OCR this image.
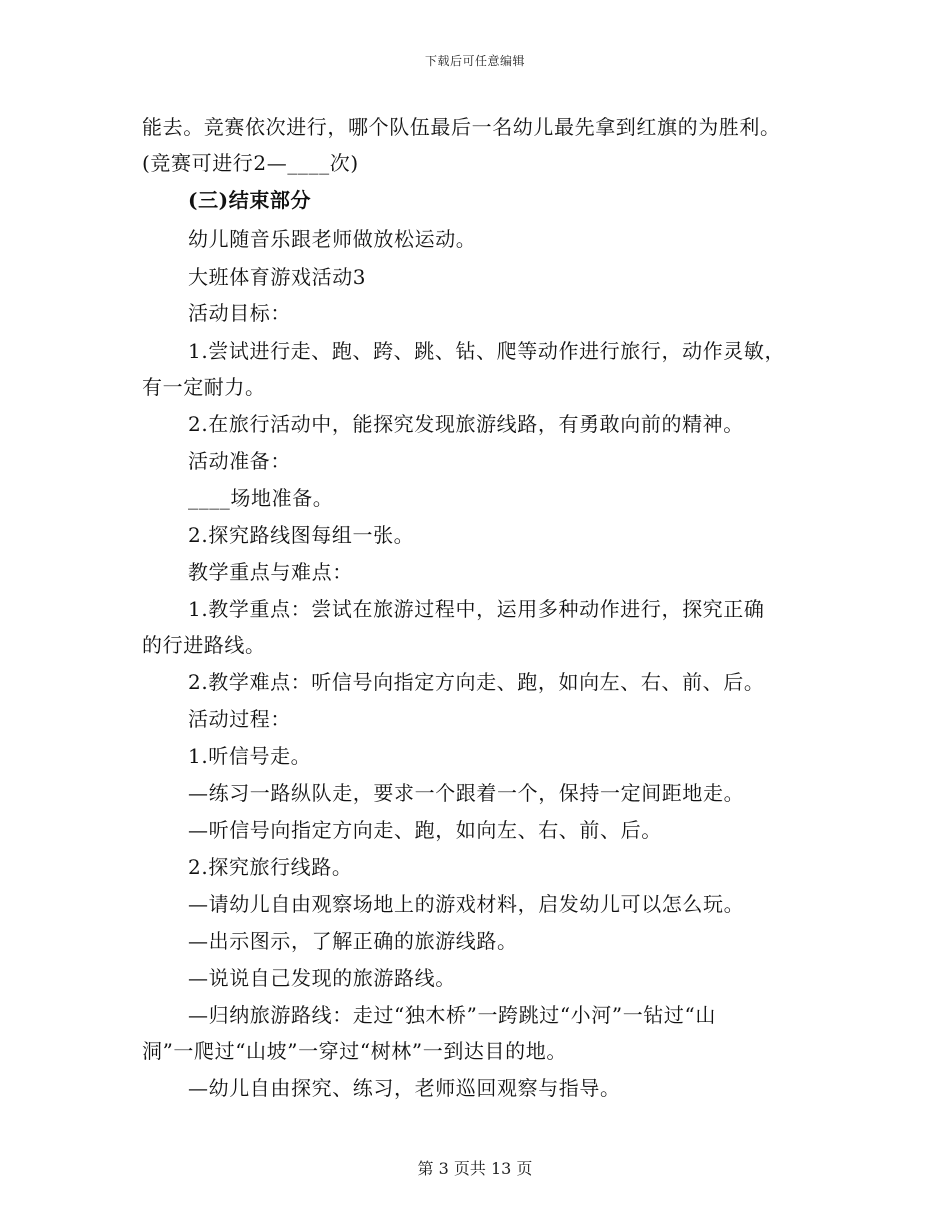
下载后可任意编辑
能去。竞赛依次进行，哪个队伍最后一名幼儿最先拿到红旗的为胜利。
(竞赛可进行2—____次)
(三)结束部分
幼儿随音乐跟老师做放松运动。
大班体育游戏活动3
活动目标：
1.尝试进行走、跑、跨、跳、钻、爬等动作进行旅行，动作灵敏，
有一定耐力。
2.在旅行活动中，能探究发现旅游线路，有勇敢向前的精神。
活动准备：
____场地准备。
2.探究路线图每组一张。
教学重点与难点：
1.教学重点：尝试在旅游过程中，运用多种动作进行，探究正确
的行进路线。
2.教学难点：听信号向指定方向走、跑，如向左、右、前、后。
活动过程：
1.听信号走。
—练习一路纵队走，要求一个跟着一个，保持一定间距地走。
—听信号向指定方向走、跑，如向左、右、前、后。
2.探究旅行线路。
—请幼儿自由观察场地上的游戏材料，启发幼儿可以怎么玩。
—出示图示，了解正确的旅游线路。
—说说自己发现的旅游路线。
—归纳旅游路线：走过“独木桥”一跨跳过“小河”一钻过“山
洞”一爬过“山坡”一穿过“树林”一到达目的地。
—幼儿自由探究、练习，老师巡回观察与指导。
第 3 页共 13 页
